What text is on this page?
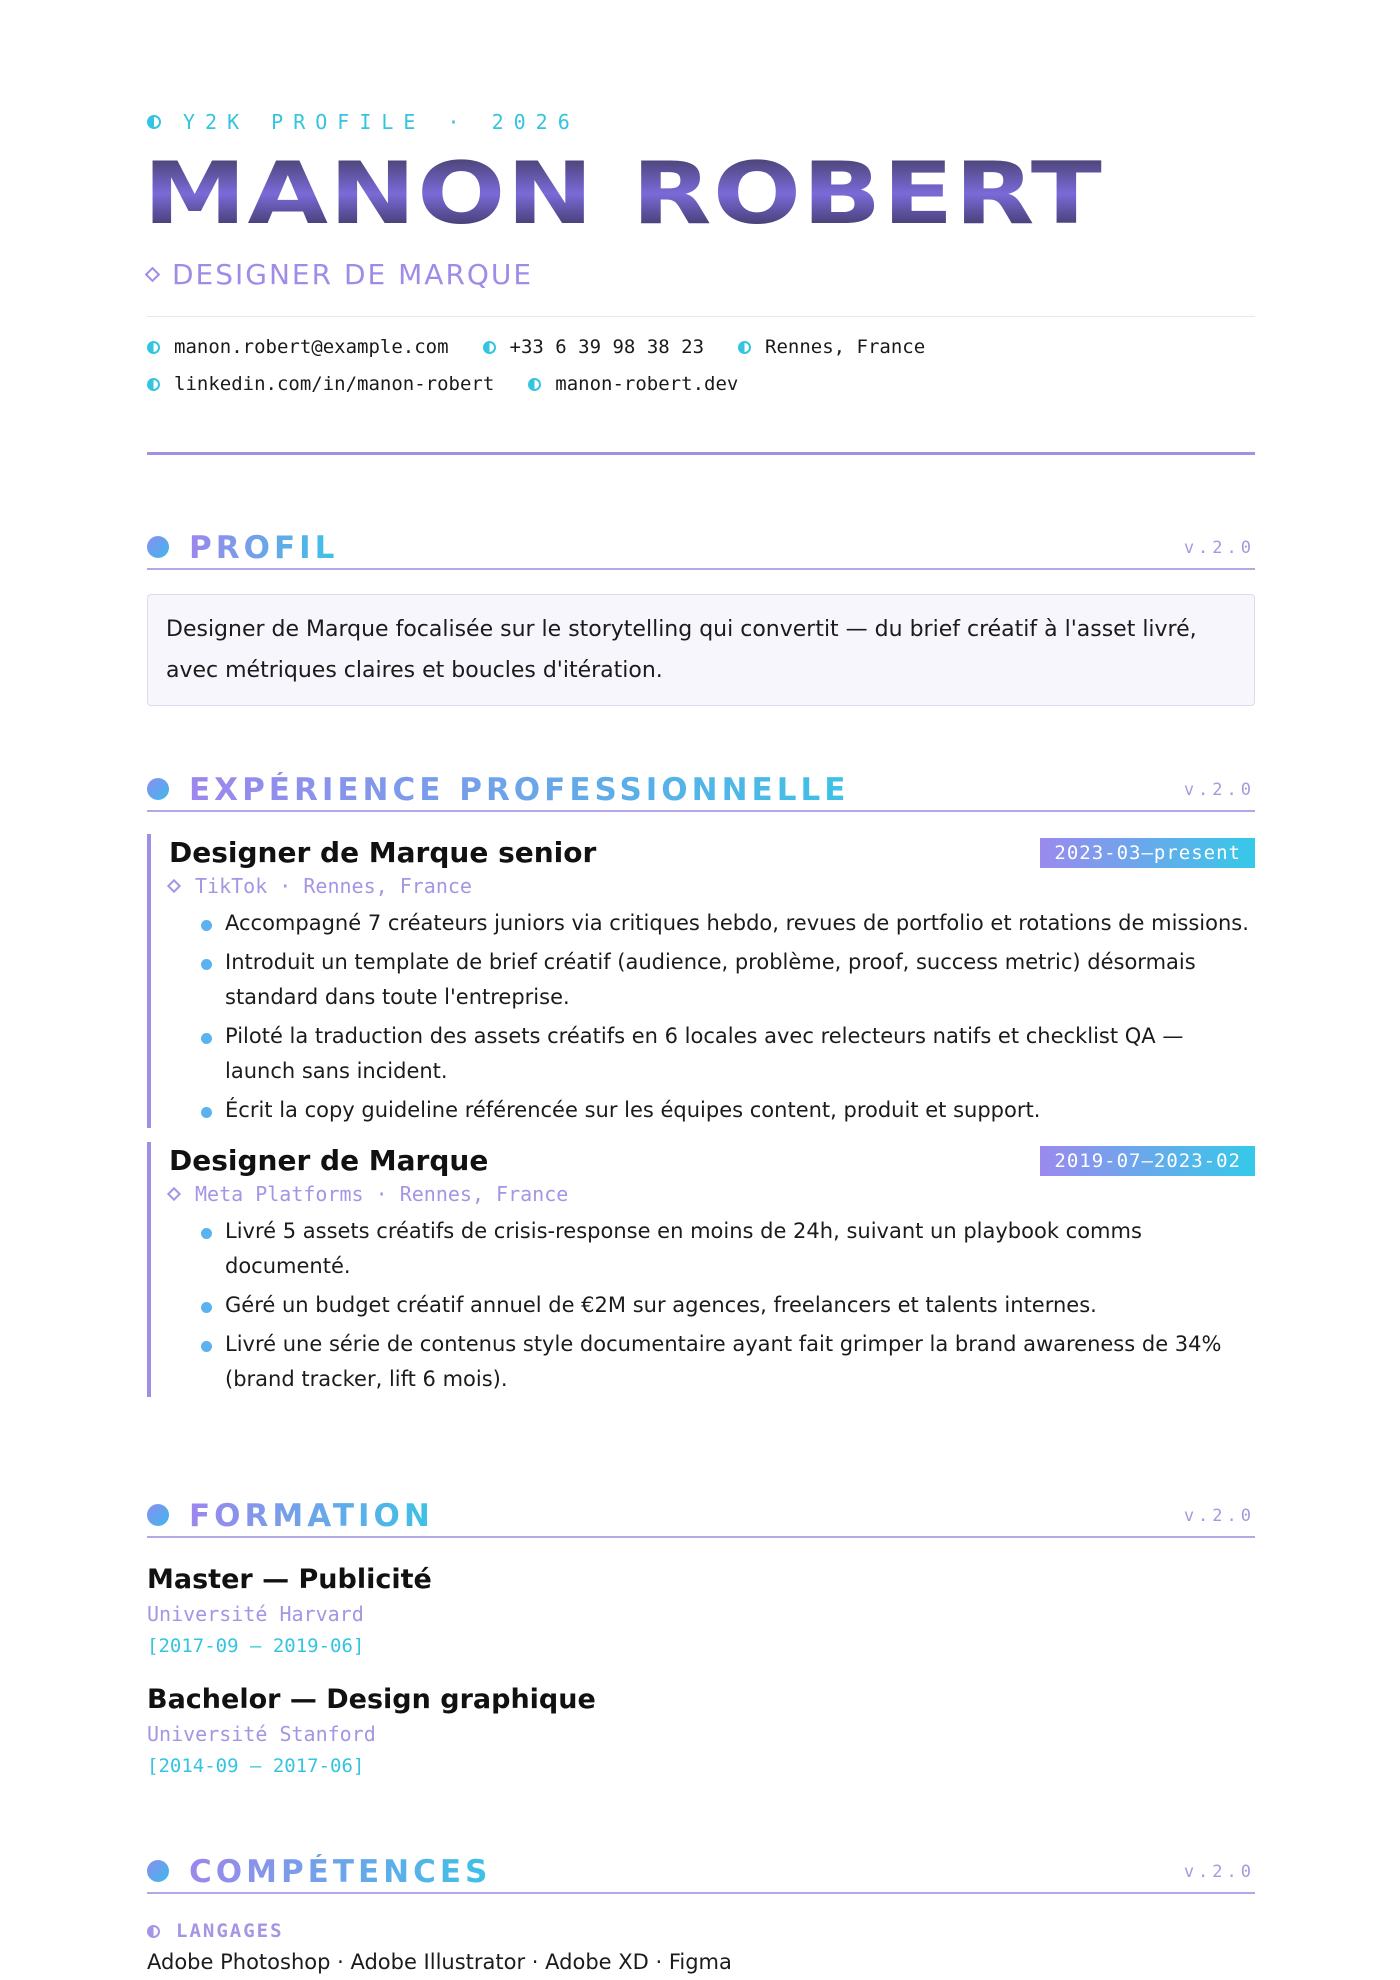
Y2K PROFILE · 2026
MANON ROBERT
DESIGNER DE MARQUE
manon.robert@example.com	+33 6 39 98 38 23	Rennes, France
linkedin.com/in/manon-robert	manon-robert.dev
PROFIL	v.2.0
Designer de Marque focalisée sur le storytelling qui convertit — du brief créatif à l'asset livré, avec métriques claires et boucles d'itération.
EXPÉRIENCE PROFESSIONNELLE	v.2.0
Designer de Marque senior	2023-03—present
TikTok · Rennes, France
Accompagné 7 créateurs juniors via critiques hebdo, revues de portfolio et rotations de missions.
Introduit un template de brief créatif (audience, problème, proof, success metric) désormais standard dans toute l'entreprise.
Piloté la traduction des assets créatifs en 6 locales avec relecteurs natifs et checklist QA — launch sans incident.
Écrit la copy guideline référencée sur les équipes content, produit et support.
Designer de Marque	2019-07—2023-02
Meta Platforms · Rennes, France
Livré 5 assets créatifs de crisis-response en moins de 24h, suivant un playbook comms documenté.
Géré un budget créatif annuel de €2M sur agences, freelancers et talents internes.
Livré une série de contenus style documentaire ayant fait grimper la brand awareness de 34% (brand tracker, lift 6 mois).
FORMATION	v.2.0
Master — Publicité
Université Harvard
[2017-09 – 2019-06]
Bachelor — Design graphique
Université Stanford
[2014-09 – 2017-06]
COMPÉTENCES	v.2.0
LANGAGES
Adobe Photoshop · Adobe Illustrator · Adobe XD · Figma
